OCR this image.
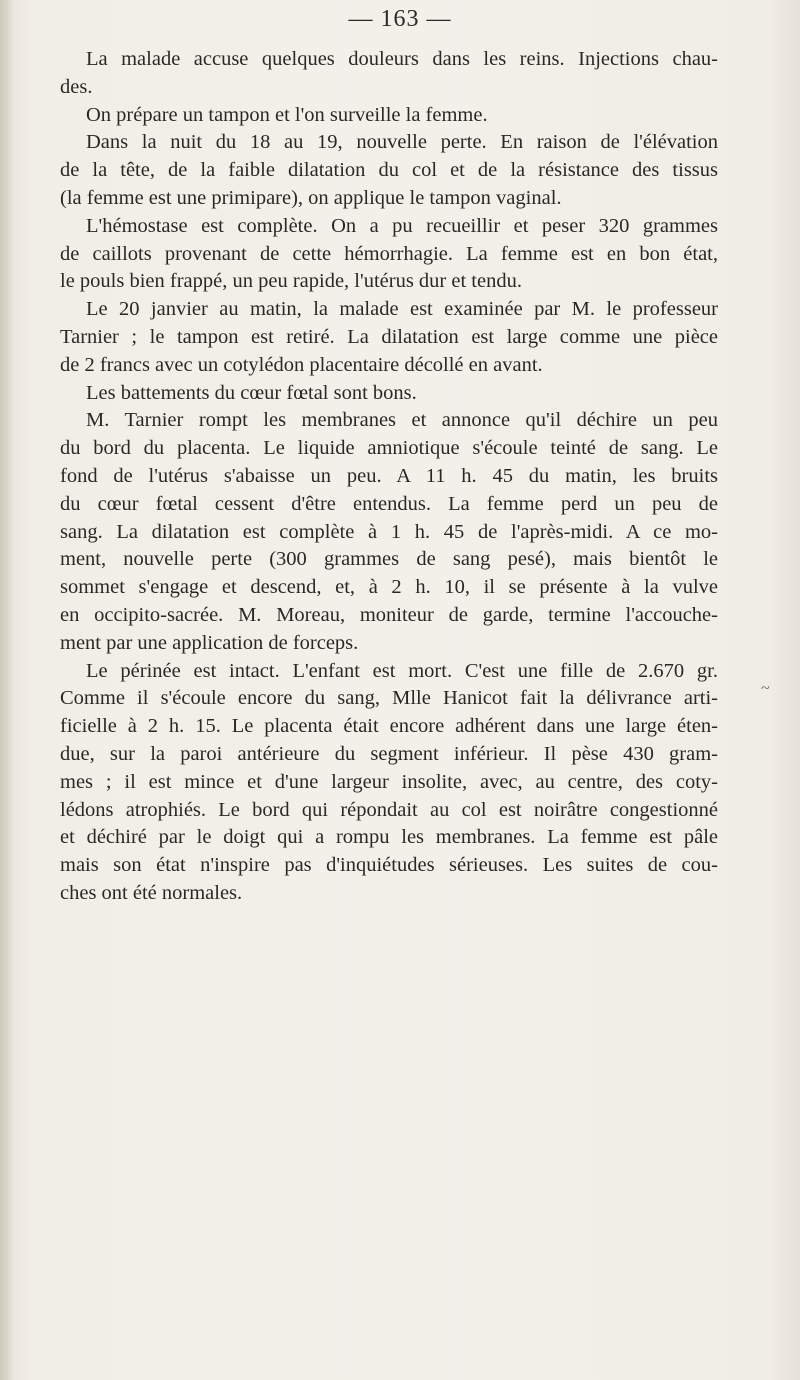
— 163 —
~
La malade accuse quelques douleurs dans les reins. Injections chau-
des.
On prépare un tampon et l'on surveille la femme.
Dans la nuit du 18 au 19, nouvelle perte. En raison de l'élévation
de la tête, de la faible dilatation du col et de la résistance des tissus
(la femme est une primipare), on applique le tampon vaginal.
L'hémostase est complète. On a pu recueillir et peser 320 grammes
de caillots provenant de cette hémorrhagie. La femme est en bon état,
le pouls bien frappé, un peu rapide, l'utérus dur et tendu.
Le 20 janvier au matin, la malade est examinée par M. le professeur
Tarnier ; le tampon est retiré. La dilatation est large comme une pièce
de 2 francs avec un cotylédon placentaire décollé en avant.
Les battements du cœur fœtal sont bons.
M. Tarnier rompt les membranes et annonce qu'il déchire un peu
du bord du placenta. Le liquide amniotique s'écoule teinté de sang. Le
fond de l'utérus s'abaisse un peu. A 11 h. 45 du matin, les bruits
du cœur fœtal cessent d'être entendus. La femme perd un peu de
sang. La dilatation est complète à 1 h. 45 de l'après-midi. A ce mo-
ment, nouvelle perte (300 grammes de sang pesé), mais bientôt le
sommet s'engage et descend, et, à 2 h. 10, il se présente à la vulve
en occipito-sacrée. M. Moreau, moniteur de garde, termine l'accouche-
ment par une application de forceps.
Le périnée est intact. L'enfant est mort. C'est une fille de 2.670 gr.
Comme il s'écoule encore du sang, Mlle Hanicot fait la délivrance arti-
ficielle à 2 h. 15. Le placenta était encore adhérent dans une large éten-
due, sur la paroi antérieure du segment inférieur. Il pèse 430 gram-
mes ; il est mince et d'une largeur insolite, avec, au centre, des coty-
lédons atrophiés. Le bord qui répondait au col est noirâtre congestionné
et déchiré par le doigt qui a rompu les membranes. La femme est pâle
mais son état n'inspire pas d'inquiétudes sérieuses. Les suites de cou-
ches ont été normales.
